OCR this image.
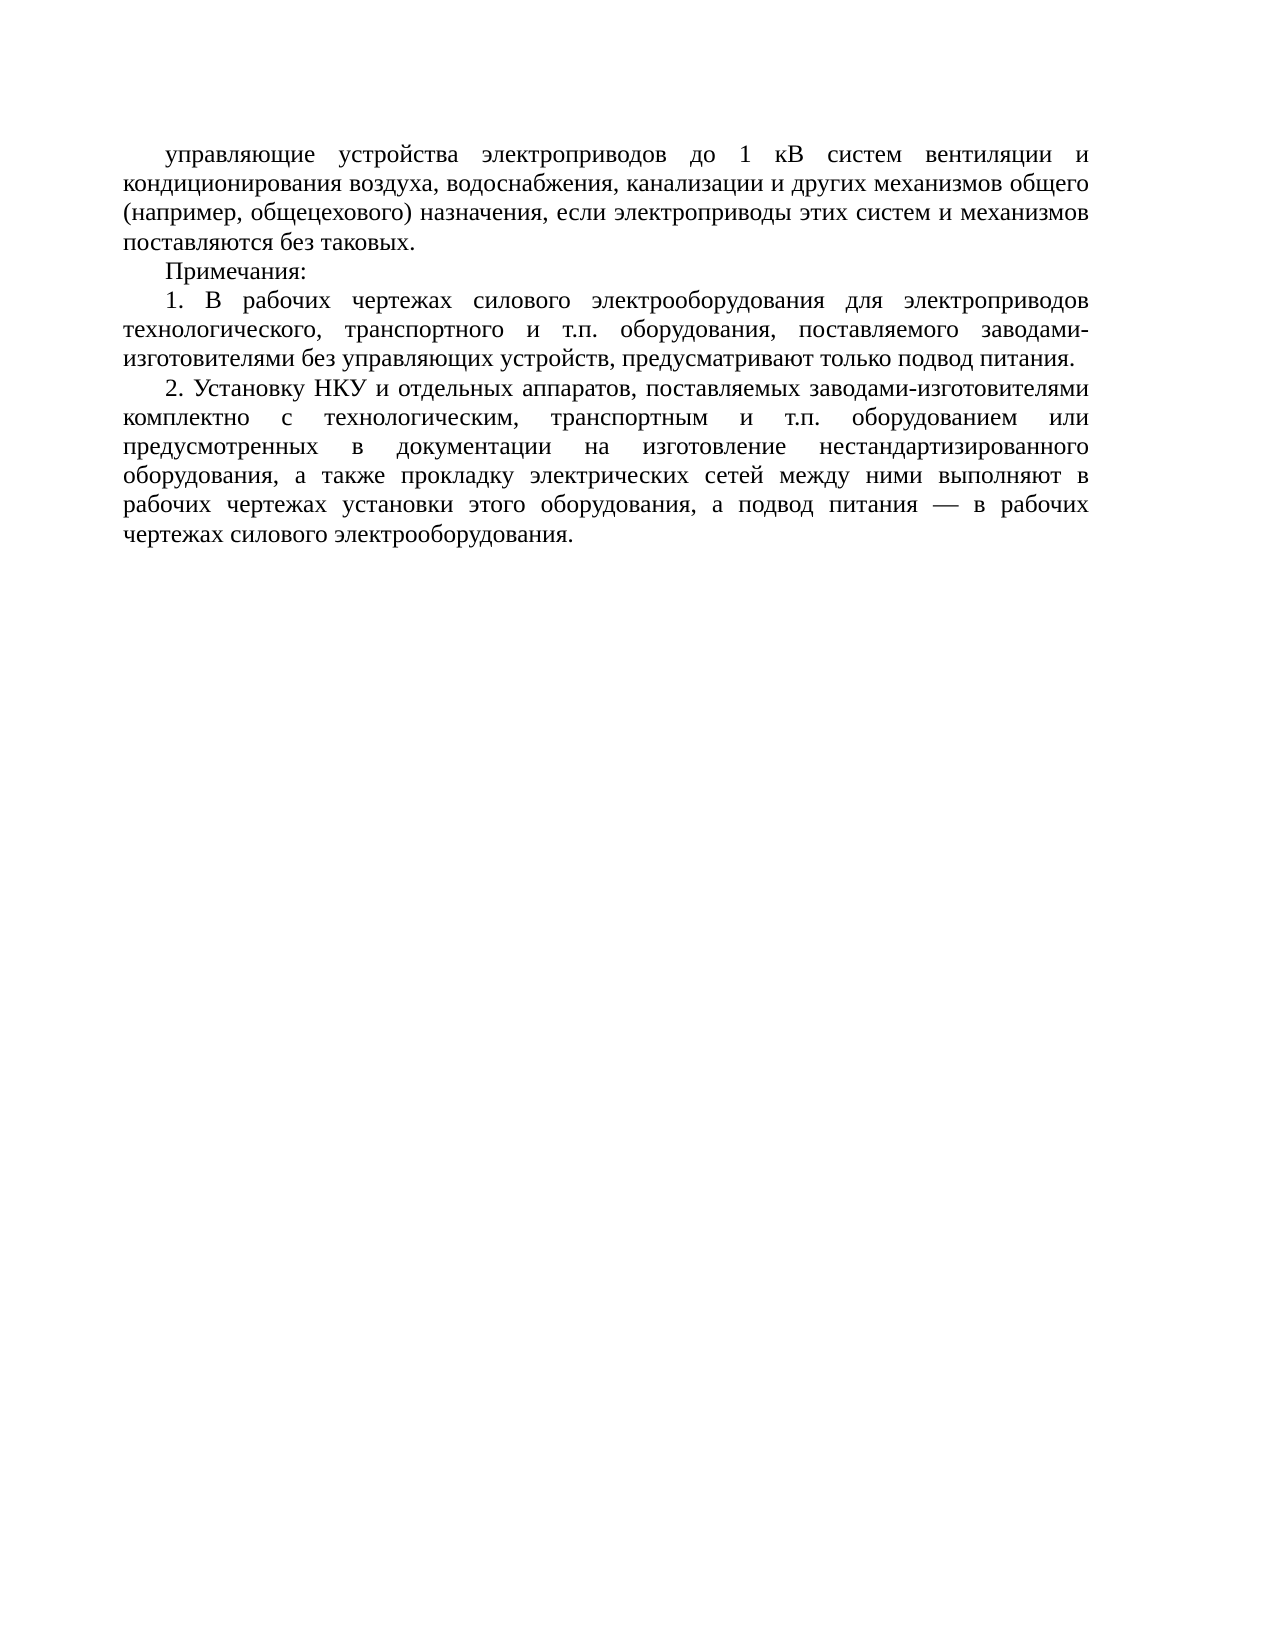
управляющие устройства электроприводов до 1 кВ систем вентиляции и кондиционирования воздуха, водоснабжения, канализации и других механизмов общего (например, общецехового) назначения, если электроприводы этих систем и механизмов поставляются без таковых.

Примечания:

1. В рабочих чертежах силового электрооборудования для электроприводов технологического, транспортного и т.п. оборудования, поставляемого заводами-изготовителями без управляющих устройств, предусматривают только подвод питания.

2. Установку НКУ и отдельных аппаратов, поставляемых заводами-изготовителями комплектно с технологическим, транспортным и т.п. оборудованием или предусмотренных в документации на изготовление нестандартизированного оборудования, а также прокладку электрических сетей между ними выполняют в рабочих чертежах установки этого оборудования, а подвод питания — в рабочих чертежах силового электрооборудования.
